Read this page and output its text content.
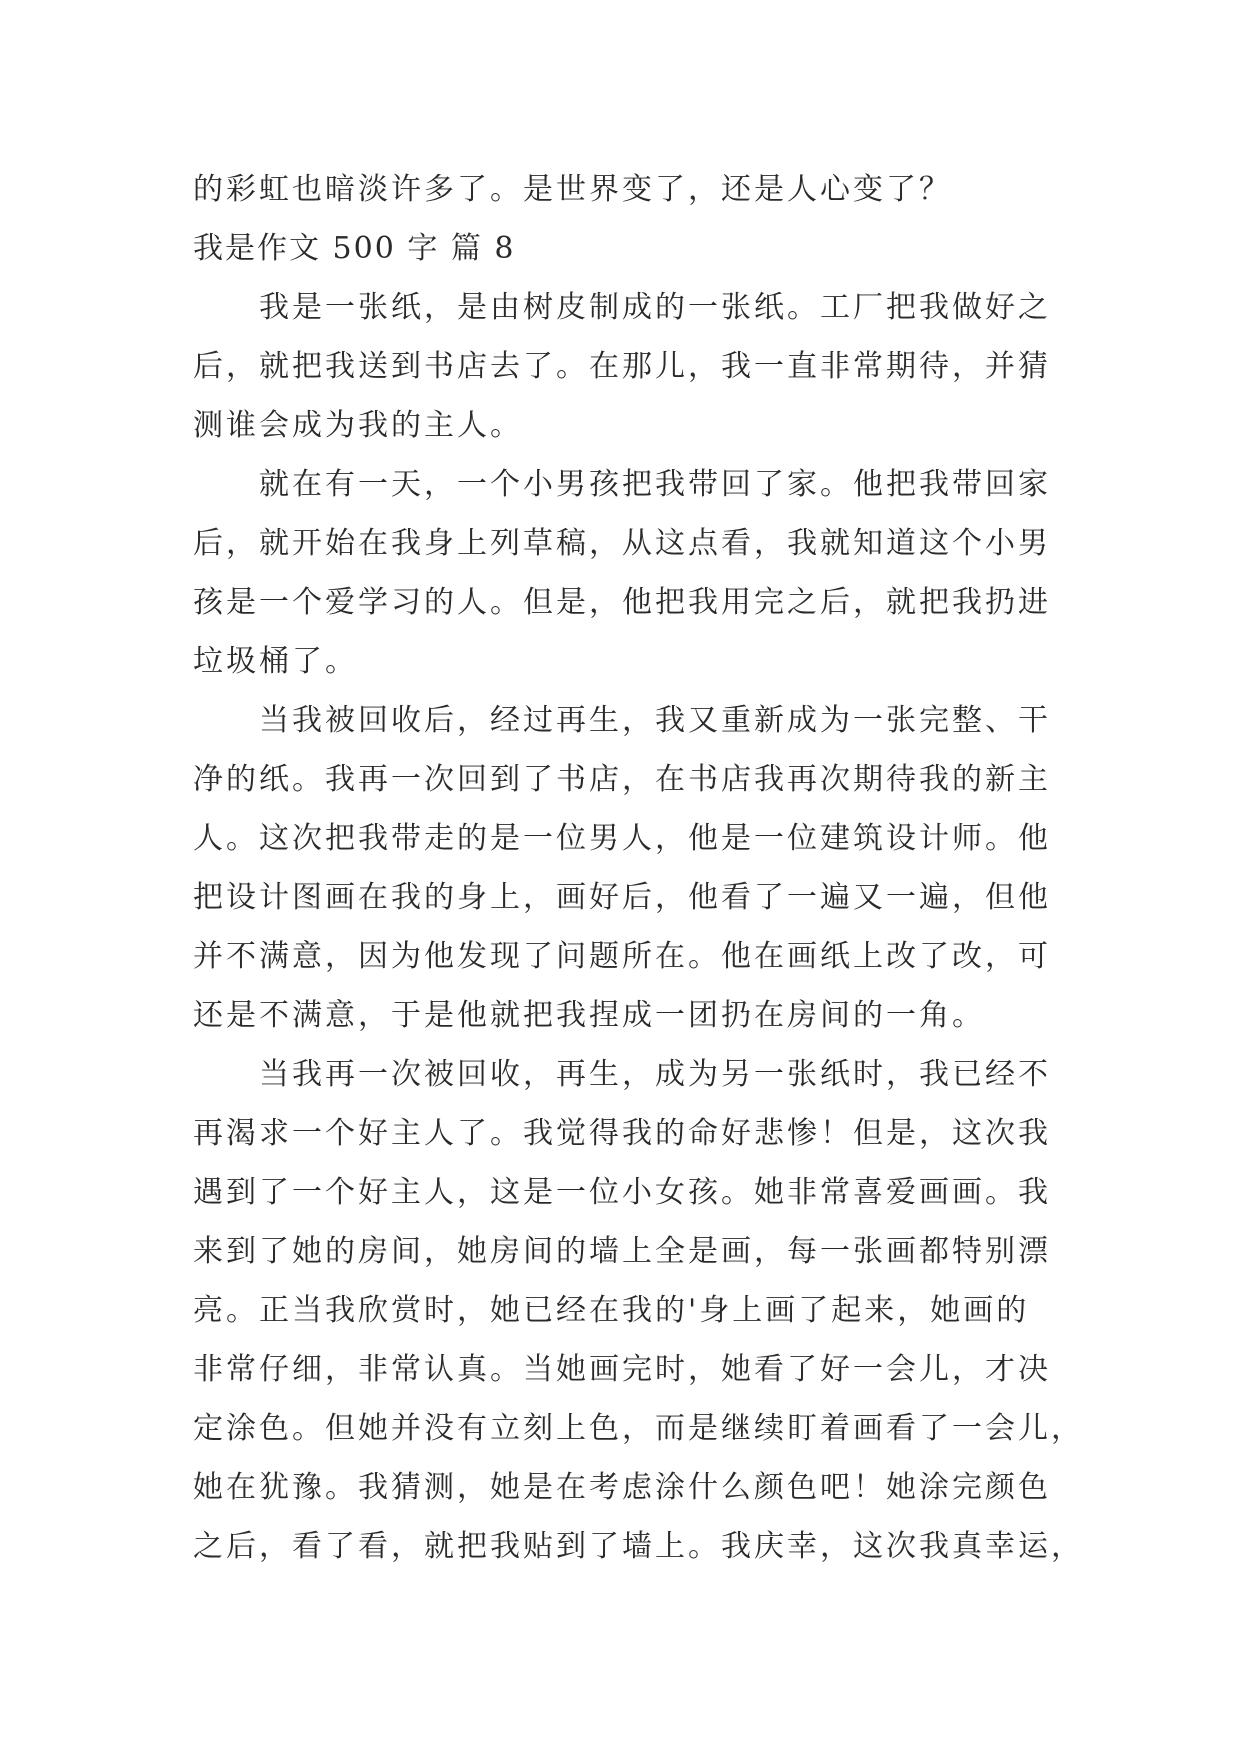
的彩虹也暗淡许多了。是世界变了，还是人心变了？
我是作文 500 字 篇 8
　　我是一张纸，是由树皮制成的一张纸。工厂把我做好之
后，就把我送到书店去了。在那儿，我一直非常期待，并猜
测谁会成为我的主人。
　　就在有一天，一个小男孩把我带回了家。他把我带回家
后，就开始在我身上列草稿，从这点看，我就知道这个小男
孩是一个爱学习的人。但是，他把我用完之后，就把我扔进
垃圾桶了。
　　当我被回收后，经过再生，我又重新成为一张完整、干
净的纸。我再一次回到了书店，在书店我再次期待我的新主
人。这次把我带走的是一位男人，他是一位建筑设计师。他
把设计图画在我的身上，画好后，他看了一遍又一遍，但他
并不满意，因为他发现了问题所在。他在画纸上改了改，可
还是不满意，于是他就把我捏成一团扔在房间的一角。
　　当我再一次被回收，再生，成为另一张纸时，我已经不
再渴求一个好主人了。我觉得我的命好悲惨！但是，这次我
遇到了一个好主人，这是一位小女孩。她非常喜爱画画。我
来到了她的房间，她房间的墙上全是画，每一张画都特别漂
亮。正当我欣赏时，她已经在我的'身上画了起来，她画的
非常仔细，非常认真。当她画完时，她看了好一会儿，才决
定涂色。但她并没有立刻上色，而是继续盯着画看了一会儿，
她在犹豫。我猜测，她是在考虑涂什么颜色吧！她涂完颜色
之后，看了看，就把我贴到了墙上。我庆幸，这次我真幸运，
